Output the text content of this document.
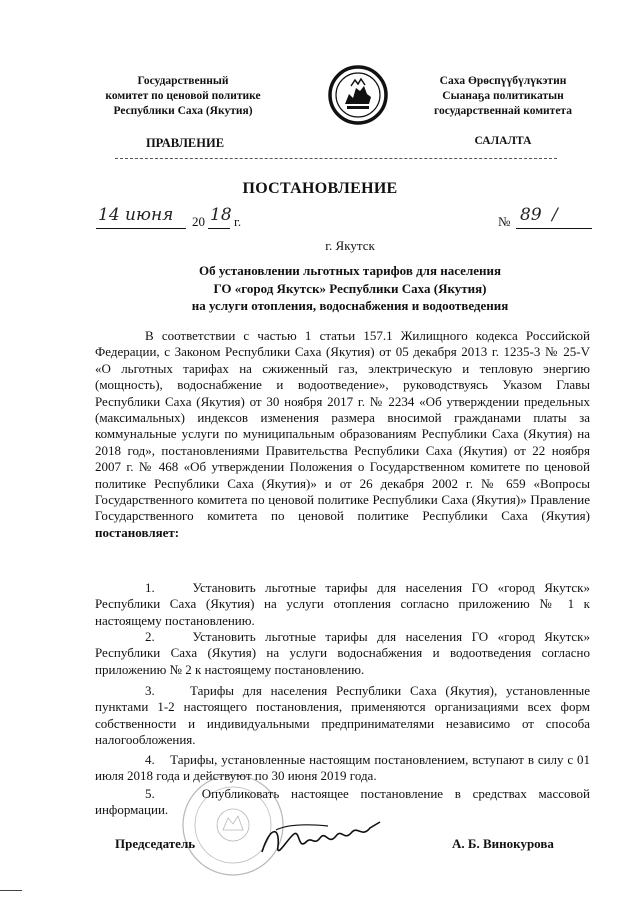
Государственный
комитет по ценовой политике
Республики Саха (Якутия)
ПРАВЛЕНИЕ
Саха Өрөспүүбүлүкэтин
Сыанаҕа политикатын
государственнай комитета
САЛАЛТА
ПОСТАНОВЛЕНИЕ
14 июня 20 18 г.	№ 89 /
г. Якутск
Об установлении льготных тарифов для населения
ГО «город Якутск» Республики Саха (Якутия)
на услуги отопления, водоснабжения и водоотведения
В соответствии с частью 1 статьи 157.1 Жилищного кодекса Российской Федерации, с Законом Республики Саха (Якутия) от 05 декабря 2013 г. 1235-3 № 25-V «О льготных тарифах на сжиженный газ, электрическую и тепловую энергию (мощность), водоснабжение и водоотведение», руководствуясь Указом Главы Республики Саха (Якутия) от 30 ноября 2017 г. № 2234 «Об утверждении предельных (максимальных) индексов изменения размера вносимой гражданами платы за коммунальные услуги по муниципальным образованиям Республики Саха (Якутия) на 2018 год», постановлениями Правительства Республики Саха (Якутия) от 22 ноября 2007 г. № 468 «Об утверждении Положения о Государственном комитете по ценовой политике Республики Саха (Якутия)» и от 26 декабря 2002 г. № 659 «Вопросы Государственного комитета по ценовой политике Республики Саха (Якутия)» Правление Государственного комитета по ценовой политике Республики Саха (Якутия) постановляет:
1.	Установить льготные тарифы для населения ГО «город Якутск» Республики Саха (Якутия) на услуги отопления согласно приложению № 1 к настоящему постановлению.
2.	Установить льготные тарифы для населения ГО «город Якутск» Республики Саха (Якутия) на услуги водоснабжения и водоотведения согласно приложению № 2 к настоящему постановлению.
3.	Тарифы для населения Республики Саха (Якутия), установленные пунктами 1-2 настоящего постановления, применяются организациями всех форм собственности и индивидуальными предпринимателями независимо от способа налогообложения.
4. Тарифы, установленные настоящим постановлением, вступают в силу с 01 июля 2018 года и действуют по 30 июня 2019 года.
5.	Опубликовать настоящее постановление в средствах массовой информации.
Председатель	А. Б. Винокурова
